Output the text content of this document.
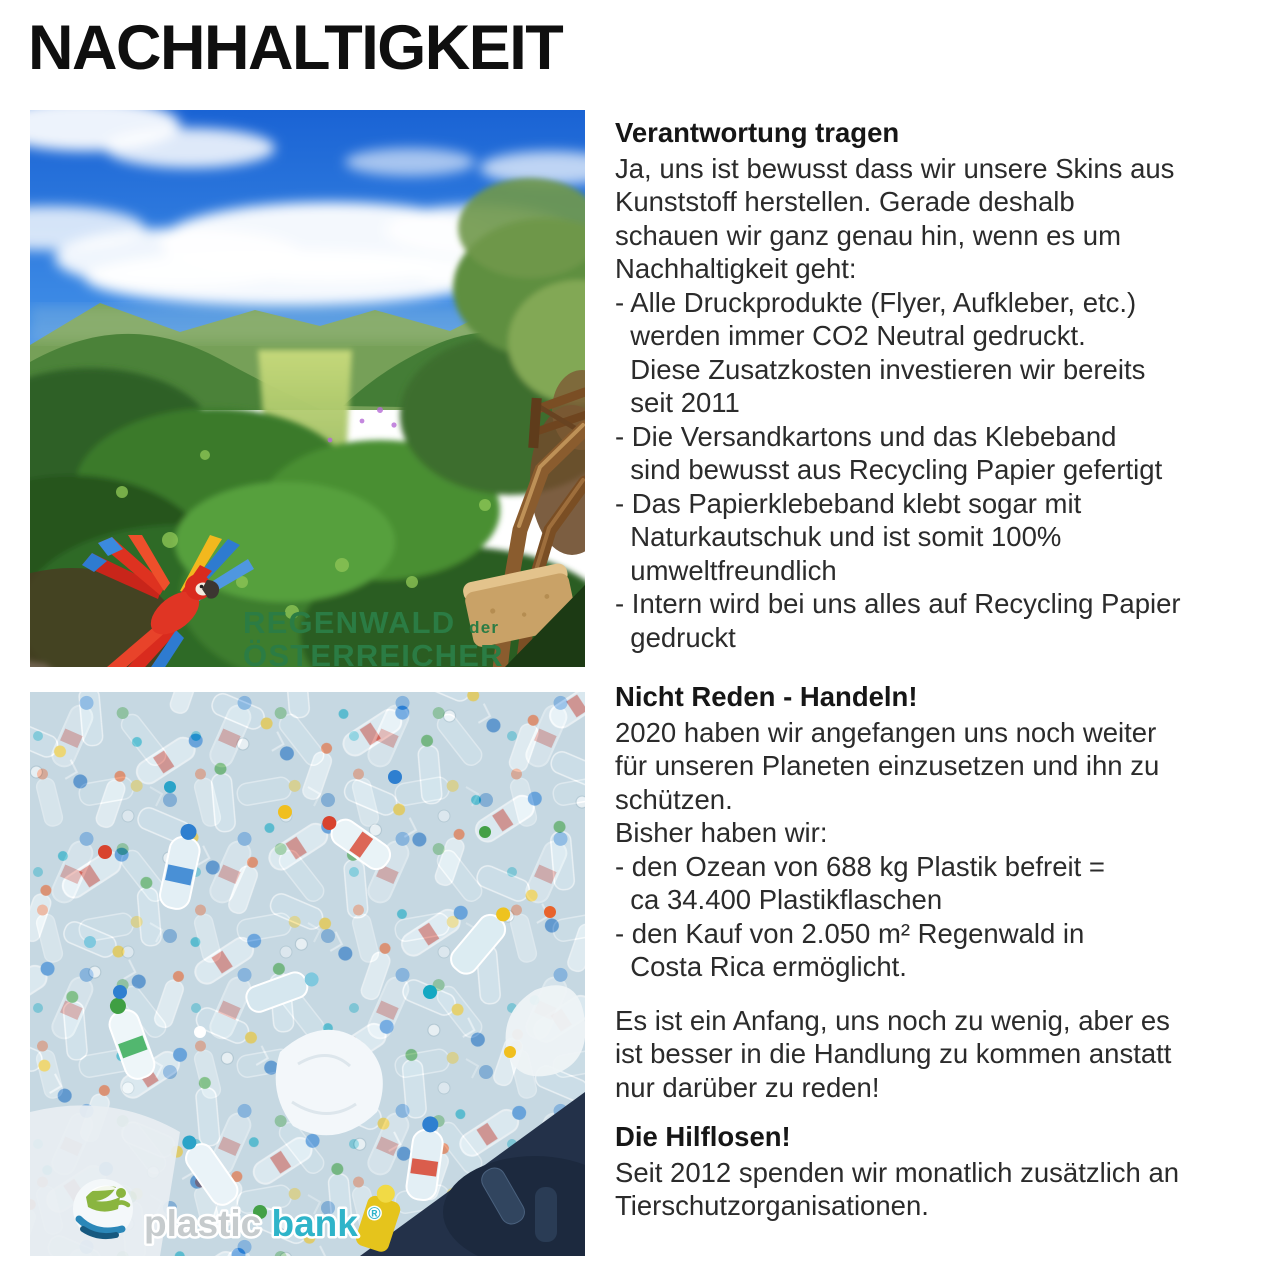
NACHHALTIGKEIT
REGENWALD der
ÖSTERREICHER
plastic bank ®
Verantwortung tragen
Ja, uns ist bewusst dass wir unsere Skins aus
Kunststoff herstellen. Gerade deshalb
schauen wir ganz genau hin, wenn es um
Nachhaltigkeit geht:
- Alle Druckprodukte (Flyer, Aufkleber, etc.)
werden immer CO2 Neutral gedruckt.
Diese Zusatzkosten investieren wir bereits
seit 2011
- Die Versandkartons und das Klebeband
sind bewusst aus Recycling Papier gefertigt
- Das Papierklebeband klebt sogar mit
Naturkautschuk und ist somit 100%
umweltfreundlich
- Intern wird bei uns alles auf Recycling Papier
gedruckt
Nicht Reden - Handeln!
2020 haben wir angefangen uns noch weiter
für unseren Planeten einzusetzen und ihn zu
schützen.
Bisher haben wir:
- den Ozean von 688 kg Plastik befreit =
ca 34.400 Plastikflaschen
- den Kauf von 2.050 m² Regenwald in
Costa Rica ermöglicht.
Es ist ein Anfang, uns noch zu wenig, aber es
ist besser in die Handlung zu kommen anstatt
nur darüber zu reden!
Die Hilflosen!
Seit 2012 spenden wir monatlich zusätzlich an
Tierschutzorganisationen.
